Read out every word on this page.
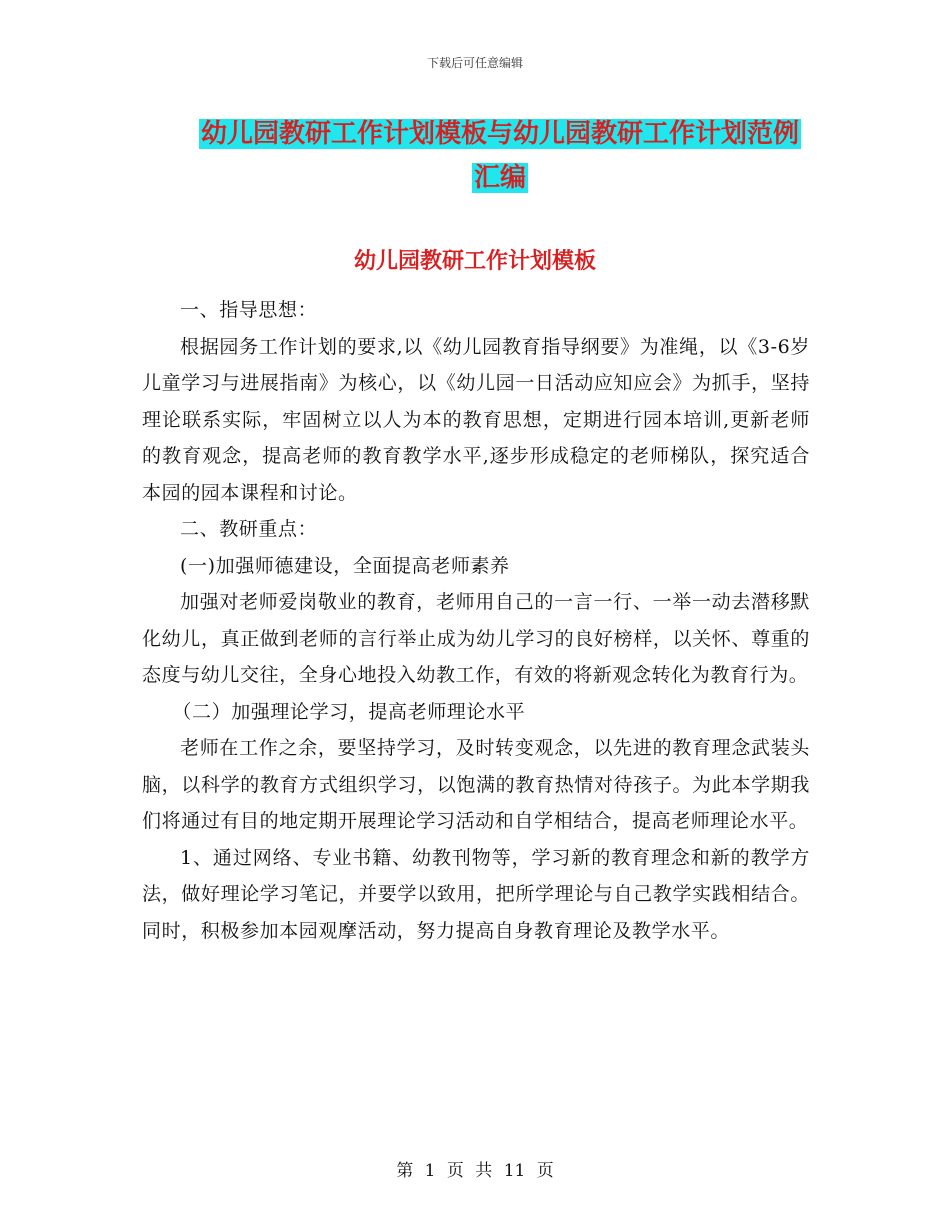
下载后可任意编辑
幼儿园教研工作计划模板与幼儿园教研工作计划范例
汇编
幼儿园教研工作计划模板

一、指导思想：

根据园务工作计划的要求,以《幼儿园教育指导纲要》为准绳，以《3-6岁儿童学习与进展指南》为核心，以《幼儿园一日活动应知应会》为抓手，坚持理论联系实际，牢固树立以人为本的教育思想，定期进行园本培训,更新老师的教育观念，提高老师的教育教学水平,逐步形成稳定的老师梯队，探究适合本园的园本课程和讨论。

二、教研重点：

(一)加强师德建设，全面提高老师素养

加强对老师爱岗敬业的教育，老师用自己的一言一行、一举一动去潜移默化幼儿，真正做到老师的言行举止成为幼儿学习的良好榜样，以关怀、尊重的态度与幼儿交往，全身心地投入幼教工作，有效的将新观念转化为教育行为。

（二）加强理论学习，提高老师理论水平

老师在工作之余，要坚持学习，及时转变观念，以先进的教育理念武装头脑，以科学的教育方式组织学习，以饱满的教育热情对待孩子。为此本学期我们将通过有目的地定期开展理论学习活动和自学相结合，提高老师理论水平。

1、通过网络、专业书籍、幼教刊物等，学习新的教育理念和新的教学方法，做好理论学习笔记，并要学以致用，把所学理论与自己教学实践相结合。同时，积极参加本园观摩活动，努力提高自身教育理论及教学水平。

第 1 页 共 11 页
